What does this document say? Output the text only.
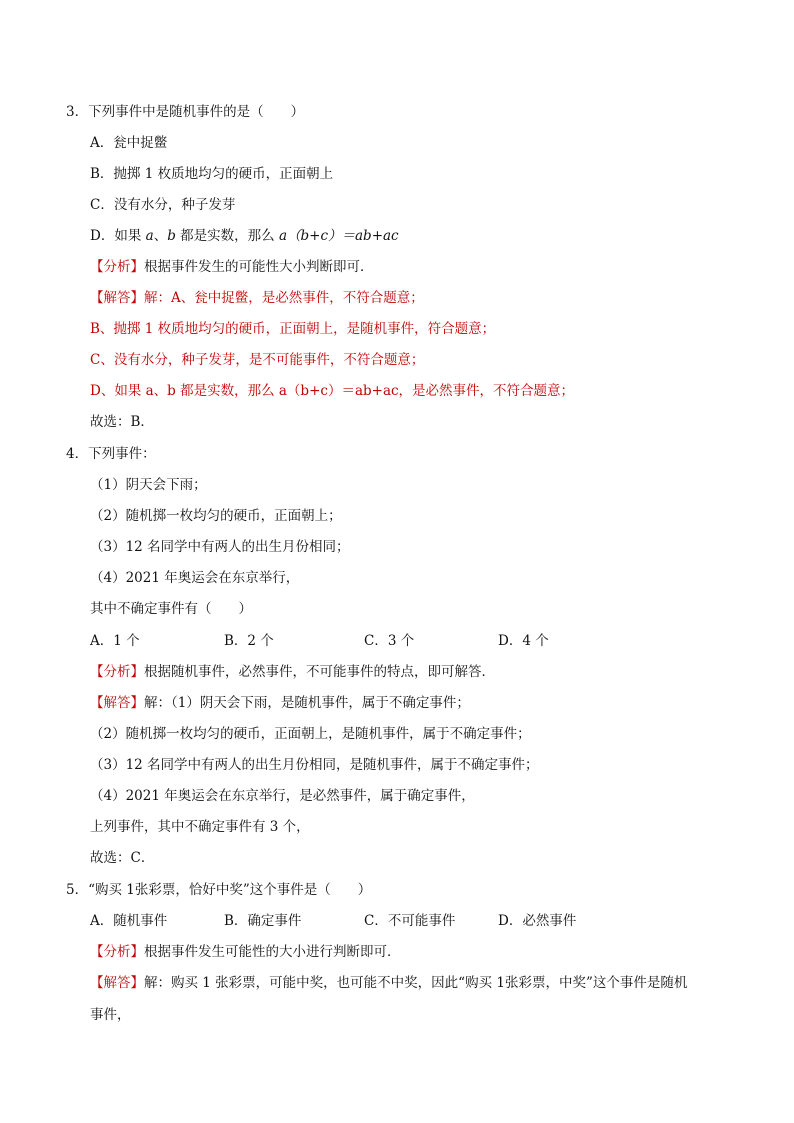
3．下列事件中是随机事件的是（　　）
A．瓮中捉鳖
B．抛掷 1 枚质地均匀的硬币，正面朝上
C．没有水分，种子发芽
D．如果 a、b 都是实数，那么 a（b+c）＝ab+ac
【分析】根据事件发生的可能性大小判断即可．
【解答】解：A、瓮中捉鳖，是必然事件，不符合题意；
B、抛掷 1 枚质地均匀的硬币，正面朝上，是随机事件，符合题意；
C、没有水分，种子发芽，是不可能事件，不符合题意；
D、如果 a、b 都是实数，那么 a（b+c）＝ab+ac，是必然事件，不符合题意；
故选：B．
4．下列事件：
（1）阴天会下雨；
（2）随机掷一枚均匀的硬币，正面朝上；
（3）12 名同学中有两人的出生月份相同；
（4）2021 年奥运会在东京举行，
其中不确定事件有（　　）
A．1 个	B．2 个	C．3 个	D．4 个
【分析】根据随机事件，必然事件，不可能事件的特点，即可解答．
【解答】解：（1）阴天会下雨，是随机事件，属于不确定事件；
（2）随机掷一枚均匀的硬币，正面朝上，是随机事件，属于不确定事件；
（3）12 名同学中有两人的出生月份相同，是随机事件，属于不确定事件；
（4）2021 年奥运会在东京举行，是必然事件，属于确定事件，
上列事件，其中不确定事件有 3 个，
故选：C．
5．“购买 1张彩票，恰好中奖”这个事件是（　　）
A．随机事件	B．确定事件	C．不可能事件	D．必然事件
【分析】根据事件发生可能性的大小进行判断即可．
【解答】解：购买 1 张彩票，可能中奖，也可能不中奖，因此“购买 1张彩票，中奖”这个事件是随机
事件，
